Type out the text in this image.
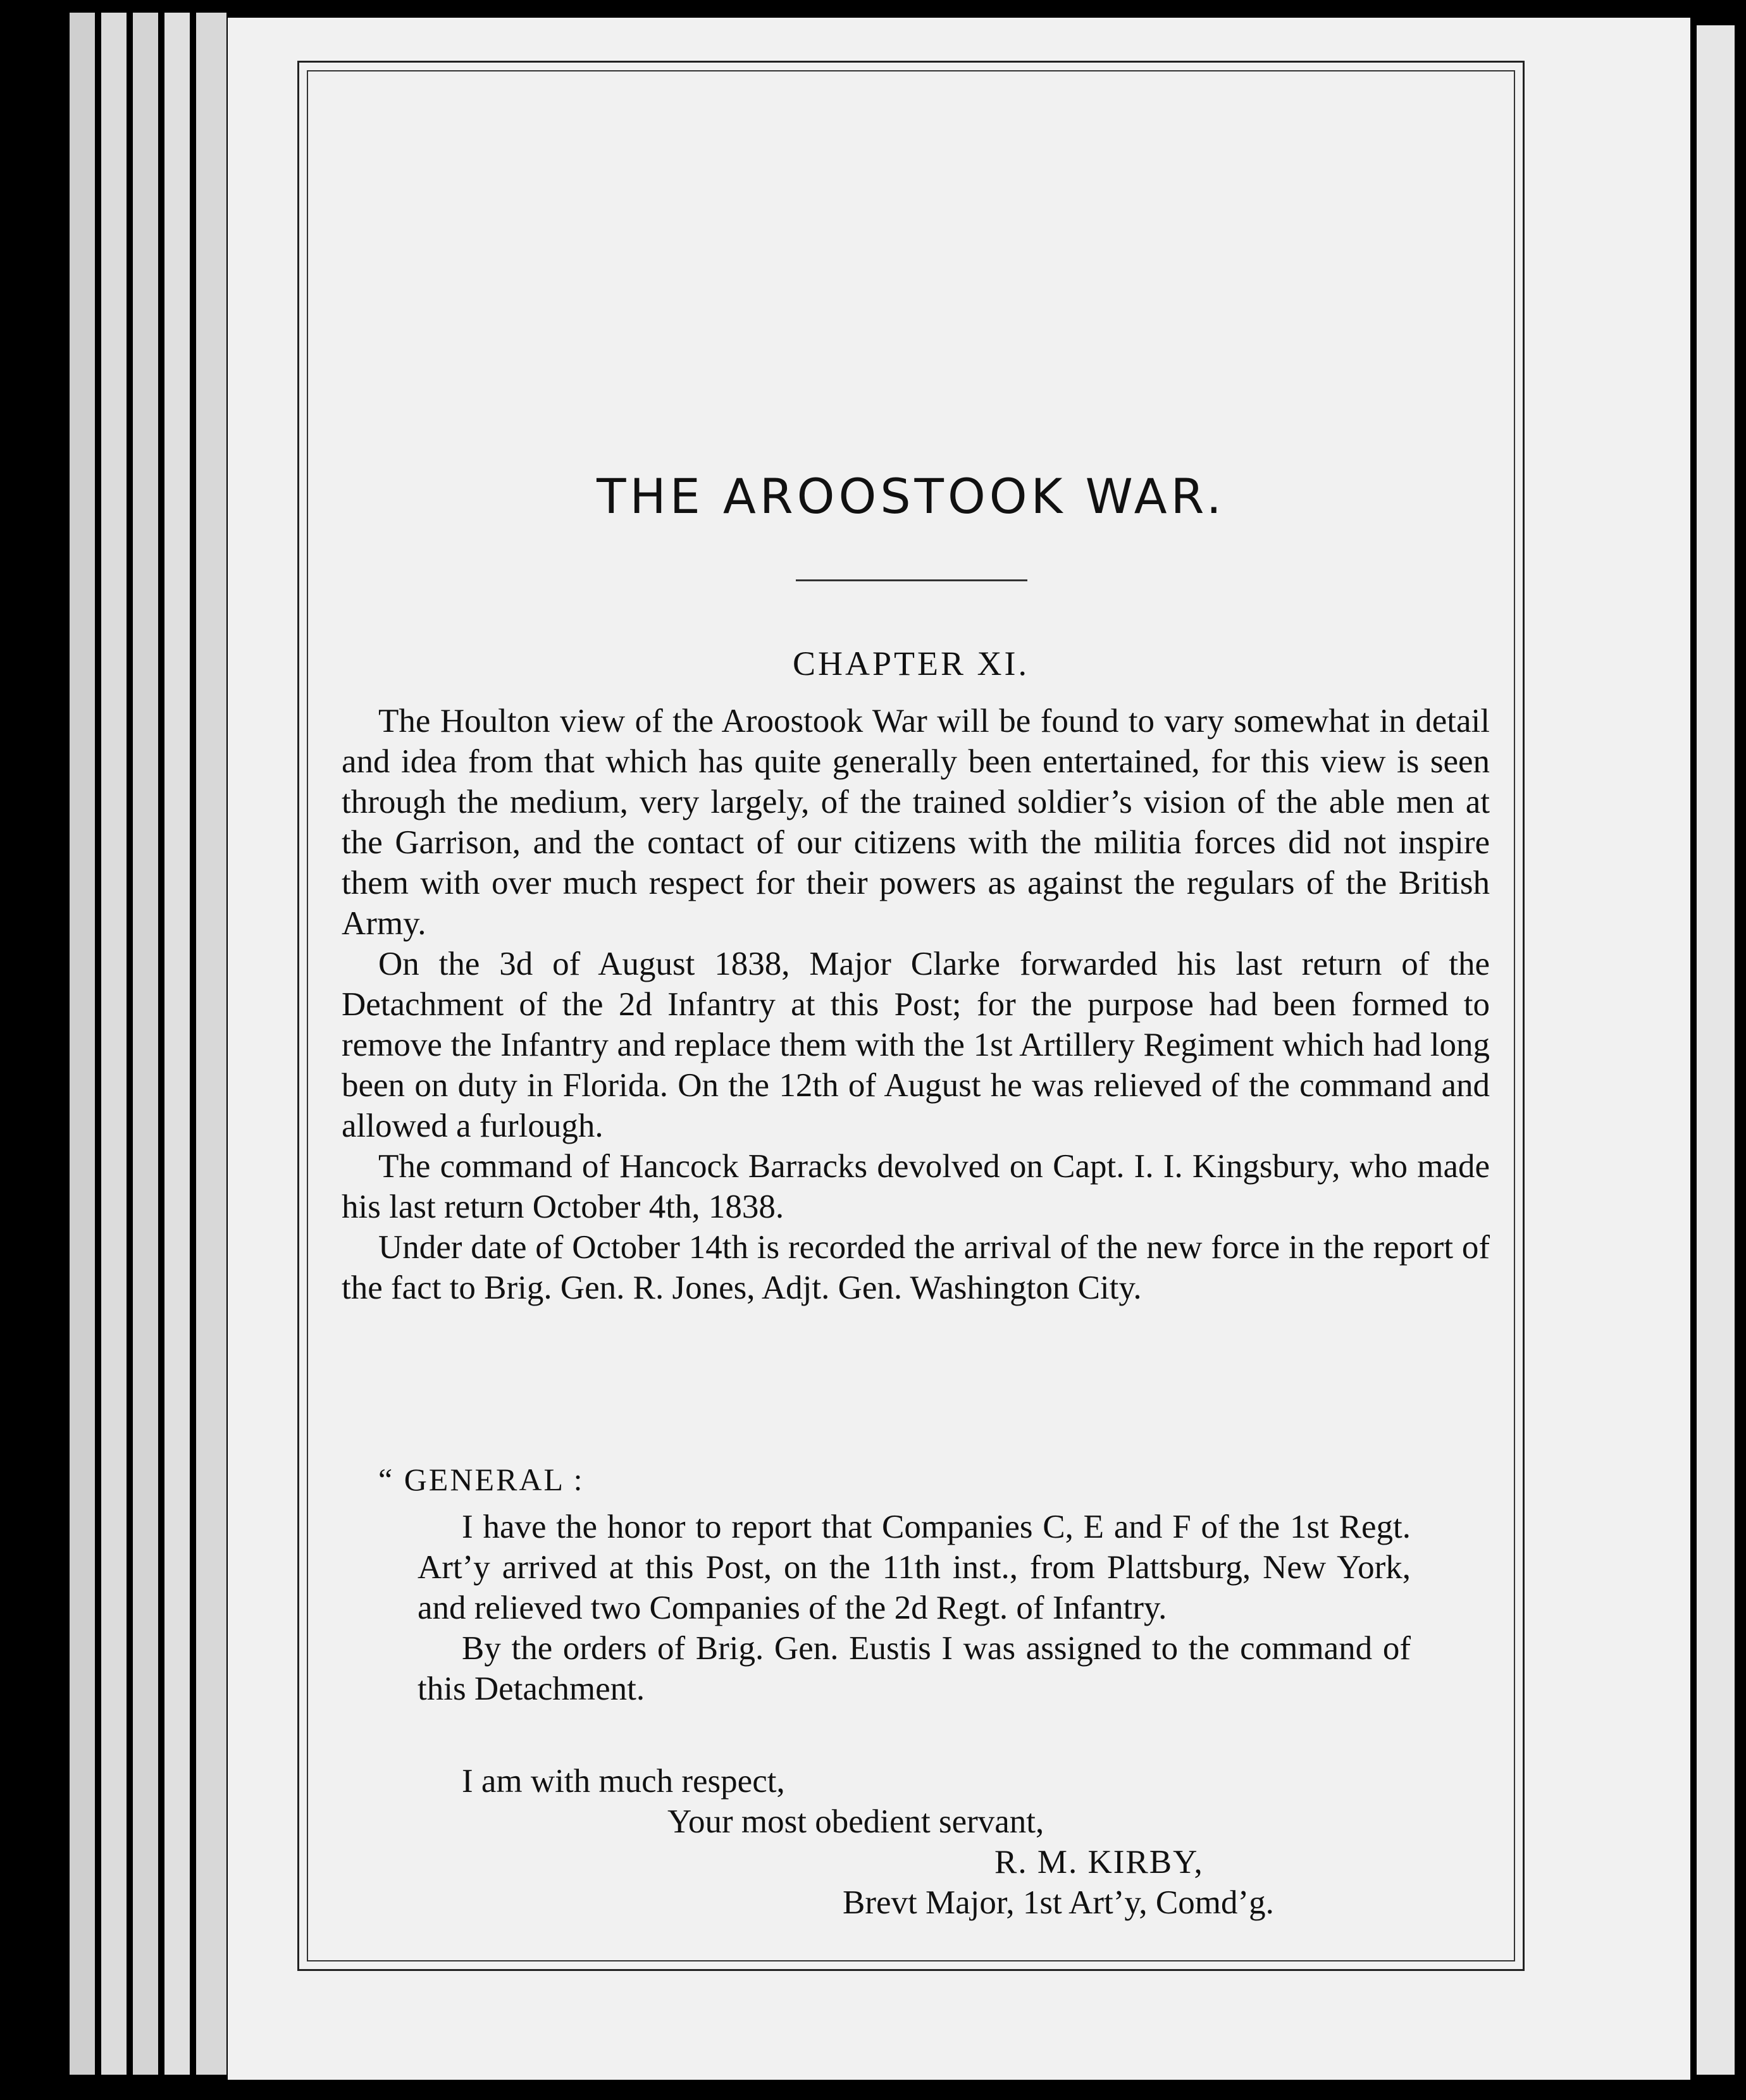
THE AROOSTOOK WAR.
CHAPTER XI.

The Houlton view of the Aroostook War will be found to vary somewhat in detail and idea from that which has quite generally been entertained, for this view is seen through the medium, very largely, of the trained soldier’s vision of the able men at the Garrison, and the contact of our citizens with the militia forces did not inspire them with over much respect for their powers as against the regulars of the British Army.

On the 3d of August 1838, Major Clarke forwarded his last return of the Detachment of the 2d Infantry at this Post; for the purpose had been formed to remove the Infantry and replace them with the 1st Artillery Regiment which had long been on duty in Florida. On the 12th of August he was relieved of the command and allowed a furlough.

The command of Hancock Barracks devolved on Capt. I. I. Kingsbury, who made his last return October 4th, 1838.

Under date of October 14th is recorded the arrival of the new force in the report of the fact to Brig. Gen. R. Jones, Adjt. Gen. Washington City.

“ GENERAL :

I have the honor to report that Companies C, E and F of the 1st Regt. Art’y arrived at this Post, on the 11th inst., from Plattsburg, New York, and relieved two Companies of the 2d Regt. of Infantry.

By the orders of Brig. Gen. Eustis I was assigned to the command of this Detachment.

I am with much respect,
Your most obedient servant,
R. M. KIRBY,
Brevt Major, 1st Art’y, Comd’g.
